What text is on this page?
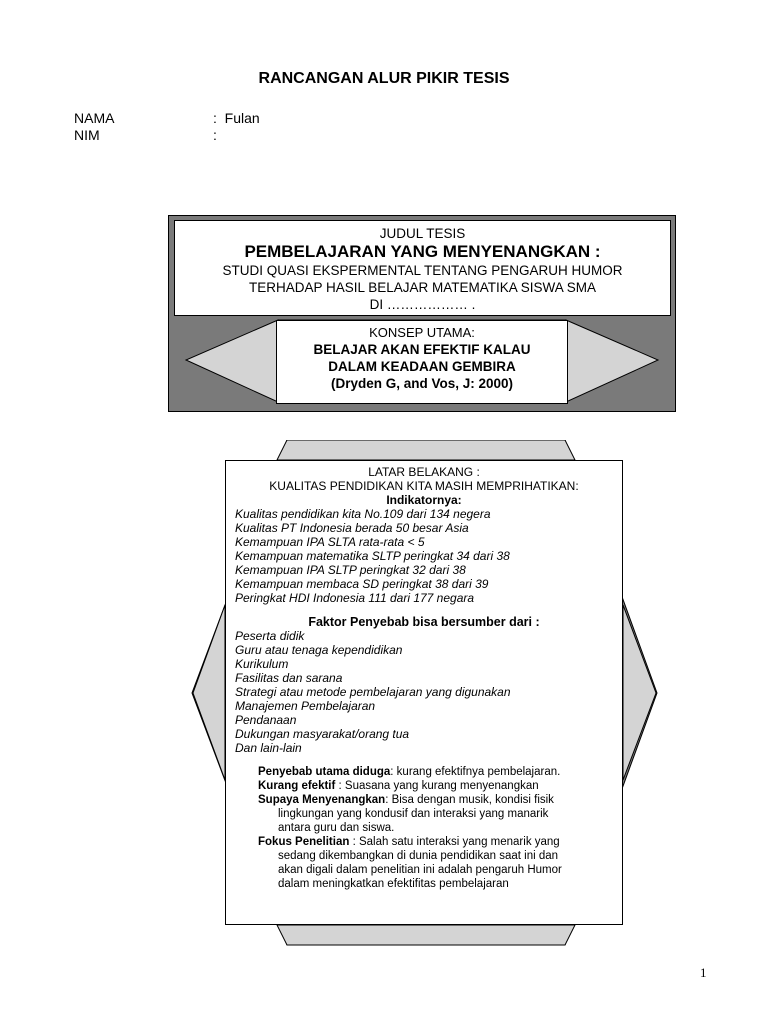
RANCANGAN ALUR PIKIR TESIS
NAMA	: Fulan
NIM	:
JUDUL TESIS
PEMBELAJARAN YANG MENYENANGKAN :
STUDI QUASI EKSPERMENTAL TENTANG PENGARUH HUMOR
TERHADAP HASIL BELAJAR MATEMATIKA SISWA SMA
DI ……………… .
KONSEP UTAMA:
BELAJAR AKAN EFEKTIF KALAU
DALAM KEADAAN GEMBIRA
(Dryden G, and Vos, J: 2000)
LATAR BELAKANG :
KUALITAS PENDIDIKAN KITA MASIH MEMPRIHATIKAN:
Indikatornya:
Kualitas pendidikan kita No.109 dari 134 negera
Kualitas PT Indonesia berada 50 besar Asia
Kemampuan IPA SLTA rata-rata < 5
Kemampuan matematika SLTP peringkat 34 dari 38
Kemampuan IPA SLTP peringkat 32 dari 38
Kemampuan membaca SD peringkat 38 dari 39
Peringkat HDI Indonesia 111 dari 177 negara
Faktor Penyebab bisa bersumber dari :
Peserta didik
Guru atau tenaga kependidikan
Kurikulum
Fasilitas dan sarana
Strategi atau metode pembelajaran yang digunakan
Manajemen Pembelajaran
Pendanaan
Dukungan masyarakat/orang tua
Dan lain-lain
Penyebab utama diduga: kurang efektifnya pembelajaran.
Kurang efektif : Suasana yang kurang menyenangkan
Supaya Menyenangkan: Bisa dengan musik, kondisi fisik
lingkungan yang kondusif dan interaksi yang manarik
antara guru dan siswa.
Fokus Penelitian : Salah satu interaksi yang menarik yang
sedang dikembangkan di dunia pendidikan saat ini dan
akan digali dalam penelitian ini adalah pengaruh Humor
dalam meningkatkan efektifitas pembelajaran
1
